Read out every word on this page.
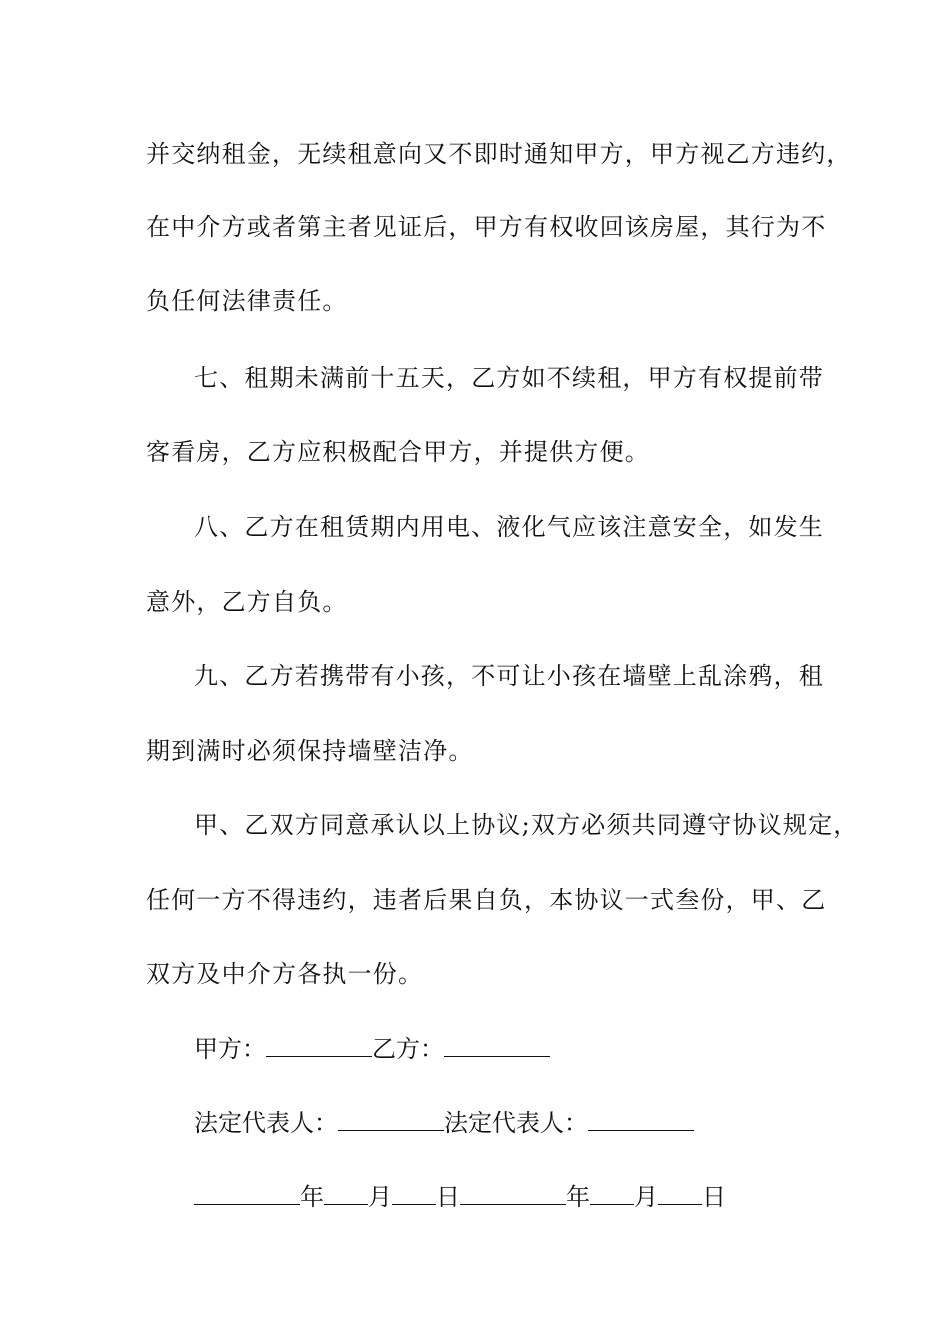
并交纳租金，无续租意向又不即时通知甲方，甲方视乙方违约，
在中介方或者第主者见证后，甲方有权收回该房屋，其行为不
负任何法律责任。
七、租期未满前十五天，乙方如不续租，甲方有权提前带
客看房，乙方应积极配合甲方，并提供方便。
八、乙方在租赁期内用电、液化气应该注意安全，如发生
意外，乙方自负。
九、乙方若携带有小孩，不可让小孩在墙壁上乱涂鸦，租
期到满时必须保持墙壁洁净。
甲、乙双方同意承认以上协议;双方必须共同遵守协议规定，
任何一方不得违约，违者后果自负，本协议一式叁份，甲、乙
双方及中介方各执一份。
甲方：	乙方：
法定代表人：	法定代表人：
年 月 日	年 月 日
